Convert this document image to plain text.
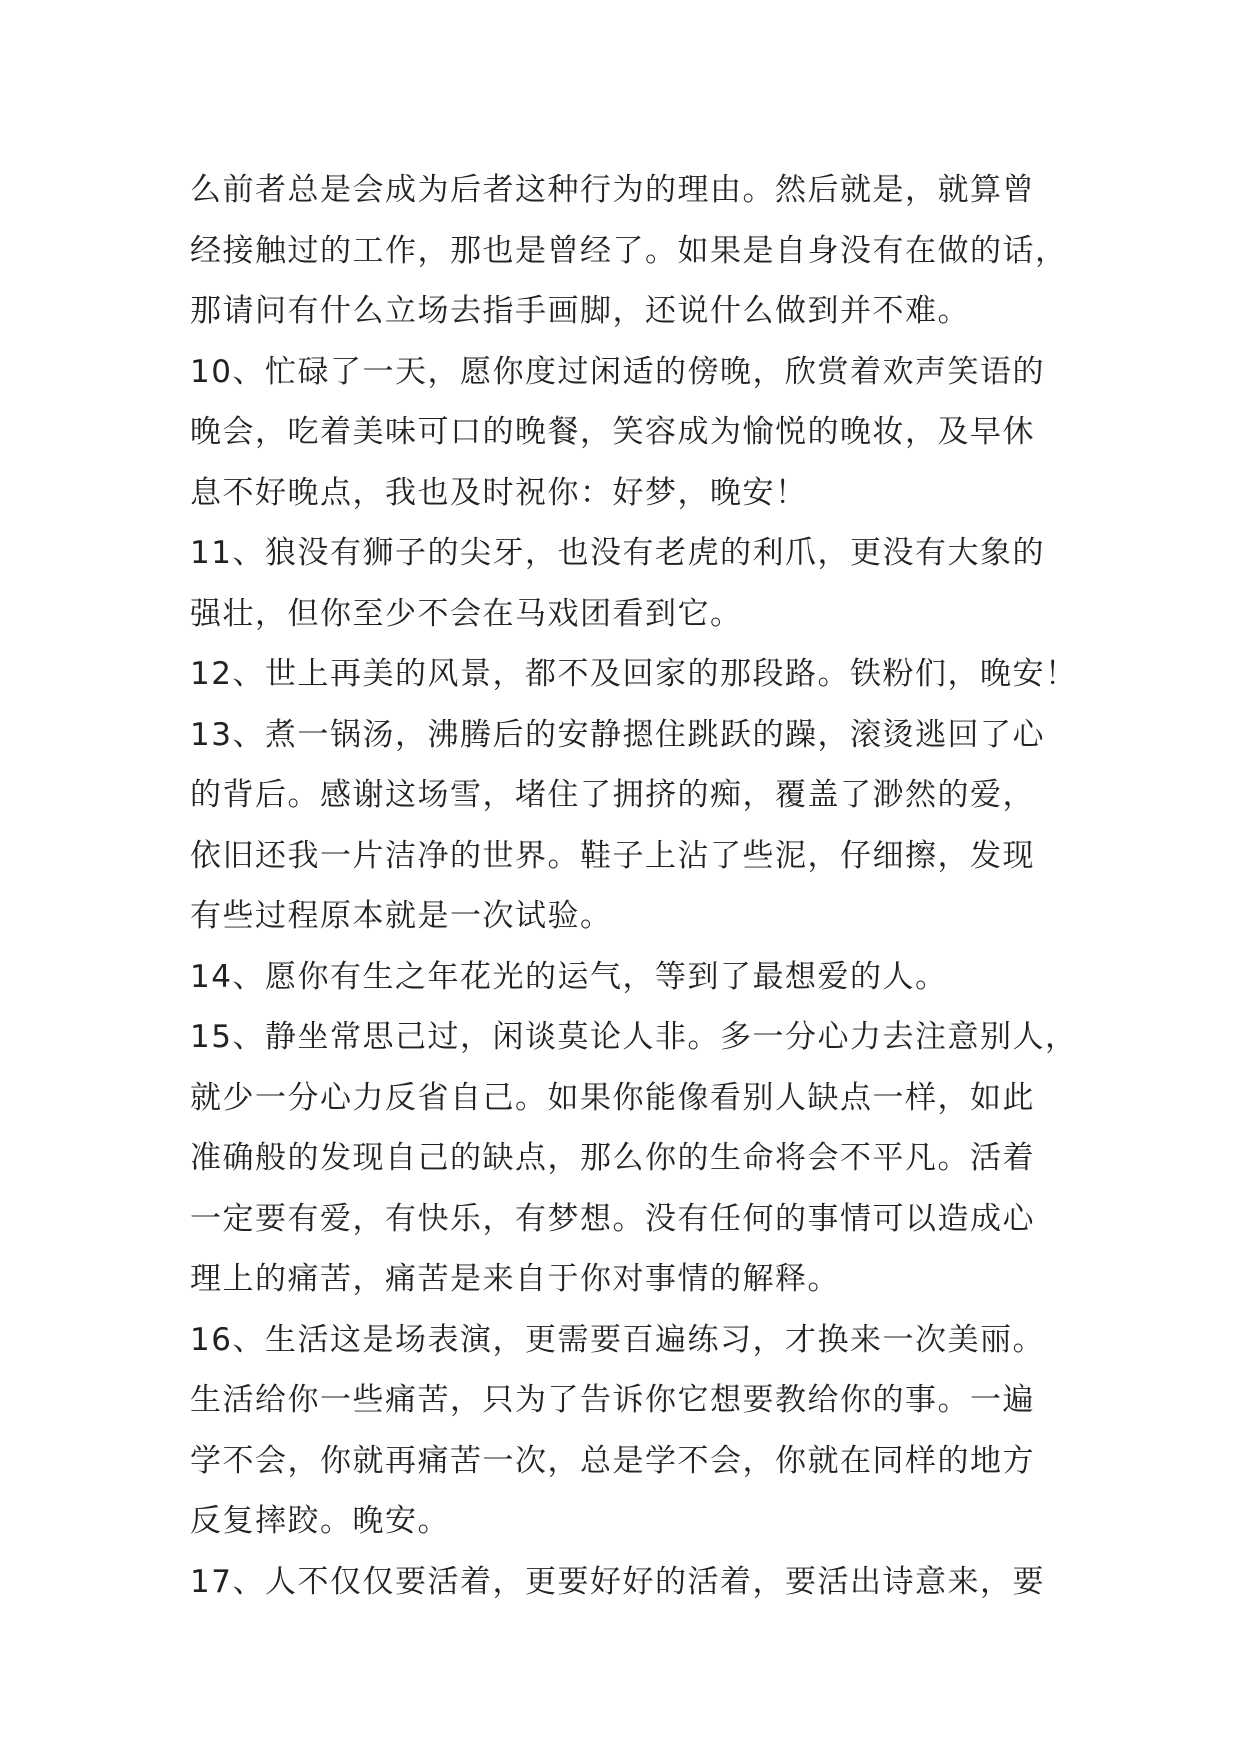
么前者总是会成为后者这种行为的理由。然后就是，就算曾
经接触过的工作，那也是曾经了。如果是自身没有在做的话，
那请问有什么立场去指手画脚，还说什么做到并不难。
10、忙碌了一天，愿你度过闲适的傍晚，欣赏着欢声笑语的
晚会，吃着美味可口的晚餐，笑容成为愉悦的晚妆，及早休
息不好晚点，我也及时祝你：好梦，晚安！
11、狼没有狮子的尖牙，也没有老虎的利爪，更没有大象的
强壮，但你至少不会在马戏团看到它。
12、世上再美的风景，都不及回家的那段路。铁粉们，晚安！
13、煮一锅汤，沸腾后的安静摁住跳跃的躁，滚烫逃回了心
的背后。感谢这场雪，堵住了拥挤的痴，覆盖了渺然的爱，
依旧还我一片洁净的世界。鞋子上沾了些泥，仔细擦，发现
有些过程原本就是一次试验。
14、愿你有生之年花光的运气，等到了最想爱的人。
15、静坐常思己过，闲谈莫论人非。多一分心力去注意别人，
就少一分心力反省自己。如果你能像看别人缺点一样，如此
准确般的发现自己的缺点，那么你的生命将会不平凡。活着
一定要有爱，有快乐，有梦想。没有任何的事情可以造成心
理上的痛苦，痛苦是来自于你对事情的解释。
16、生活这是场表演，更需要百遍练习，才换来一次美丽。
生活给你一些痛苦，只为了告诉你它想要教给你的事。一遍
学不会，你就再痛苦一次，总是学不会，你就在同样的地方
反复摔跤。晚安。
17、人不仅仅要活着，更要好好的活着，要活出诗意来，要
